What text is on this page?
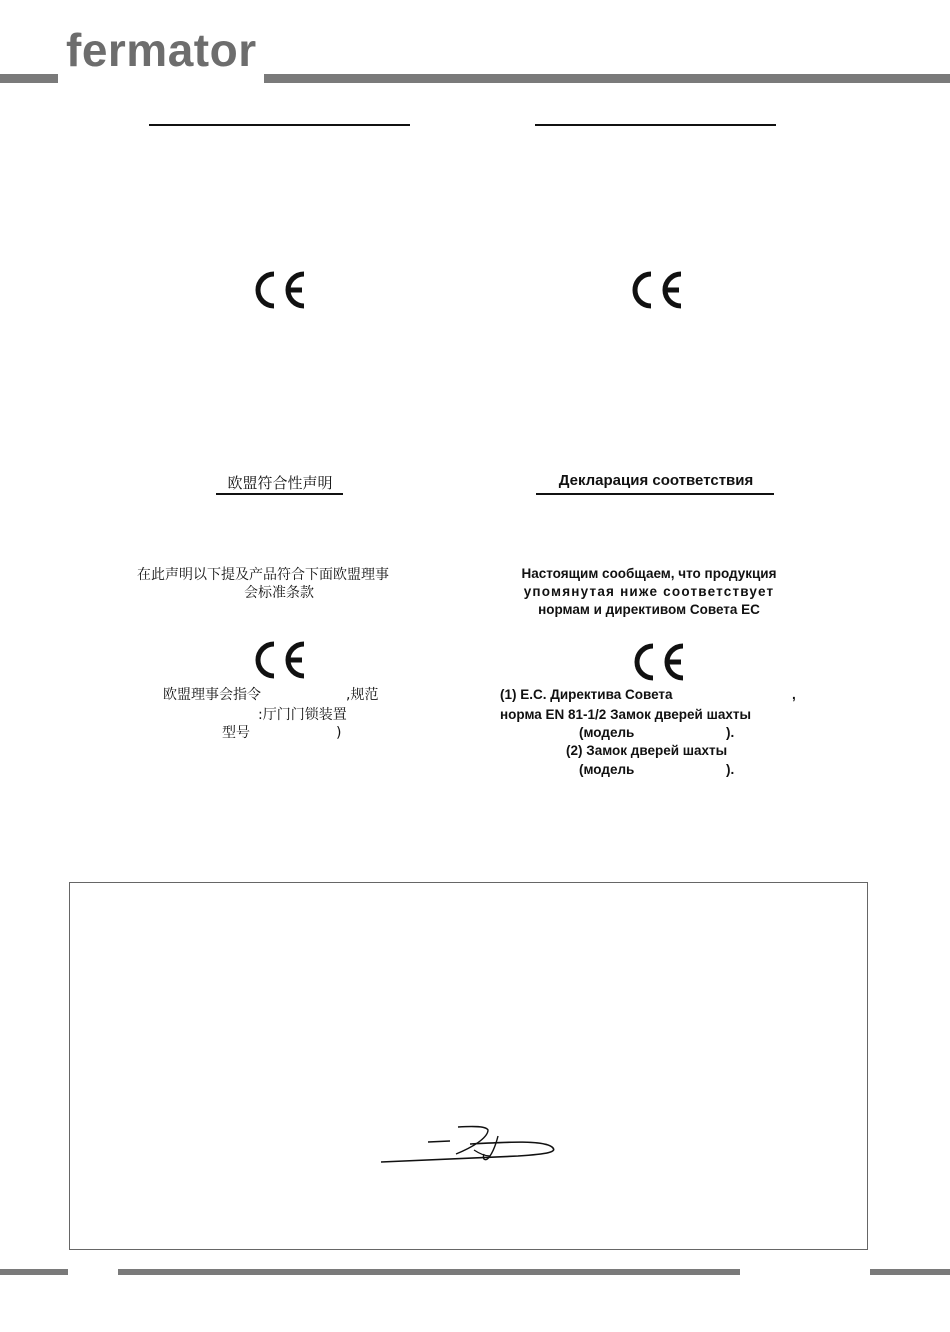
fermator
欧盟符合性声明
在此声明以下提及产品符合下面欧盟理事
会标准条款
欧盟理事会指令	,规范
:厅门门锁装置
型号	)
Декларация соответствия
Настоящим сообщаем, что продукция
упомянутая ниже соответствует
нормам и директивом Совета ЕС
(1) E.C. Директива Совета	,
норма EN 81-1/2 Замок дверей шахты
(модель	).
(2) Замок дверей шахты
(модель	).
